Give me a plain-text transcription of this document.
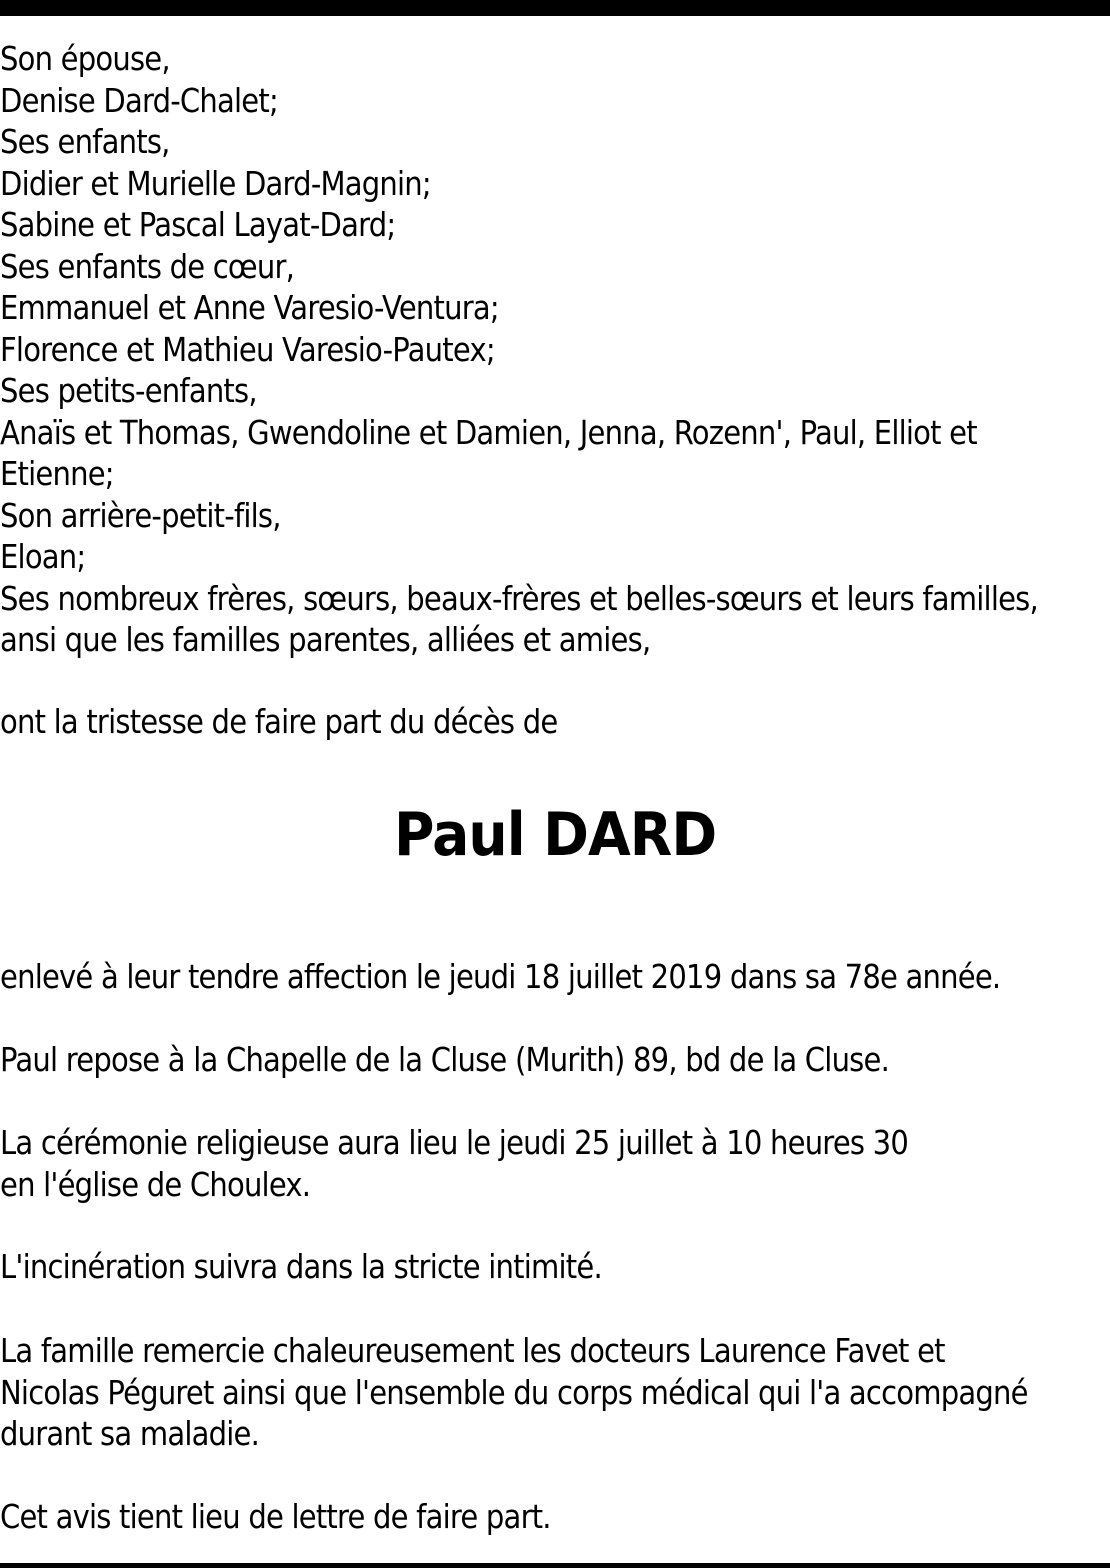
Son épouse,
Denise Dard-Chalet;
Ses enfants,
Didier et Murielle Dard-Magnin;
Sabine et Pascal Layat-Dard;
Ses enfants de cœur,
Emmanuel et Anne Varesio-Ventura;
Florence et Mathieu Varesio-Pautex;
Ses petits-enfants,
Anaïs et Thomas, Gwendoline et Damien, Jenna, Rozenn', Paul, Elliot et
Etienne;
Son arrière-petit-fils,
Eloan;
Ses nombreux frères, sœurs, beaux-frères et belles-sœurs et leurs familles,
ansi que les familles parentes, alliées et amies,
ont la tristesse de faire part du décès de
Paul DARD
enlevé à leur tendre affection le jeudi 18 juillet 2019 dans sa 78e année.
Paul repose à la Chapelle de la Cluse (Murith) 89, bd de la Cluse.
La cérémonie religieuse aura lieu le jeudi 25 juillet à 10 heures 30
en l'église de Choulex.
L'incinération suivra dans la stricte intimité.
La famille remercie chaleureusement les docteurs Laurence Favet et
Nicolas Péguret ainsi que l'ensemble du corps médical qui l'a accompagné
durant sa maladie.
Cet avis tient lieu de lettre de faire part.
